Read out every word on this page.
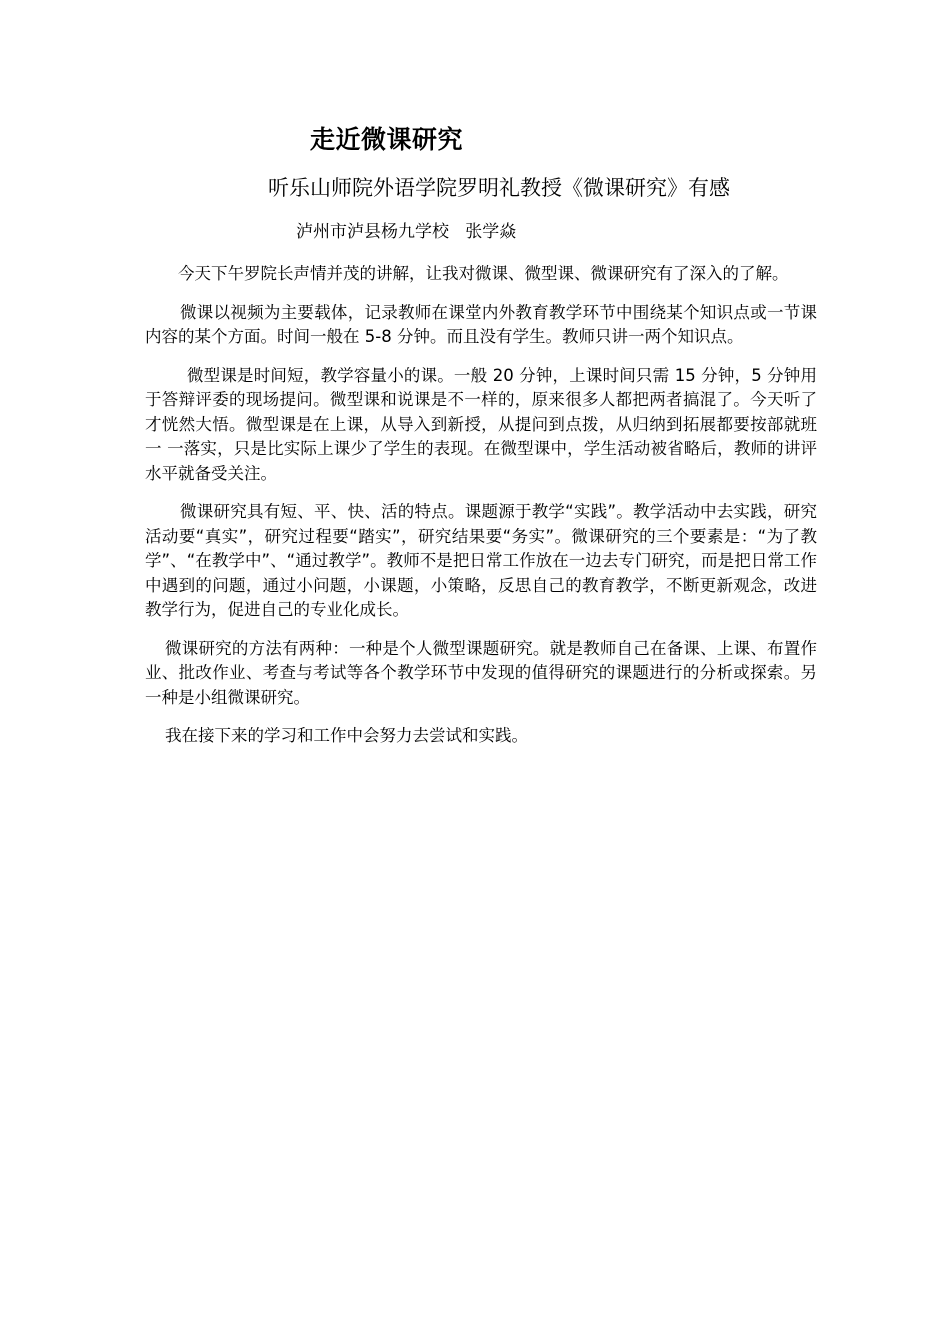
走近微课研究
听乐山师院外语学院罗明礼教授《微课研究》有感
泸州市泸县杨九学校   张学焱

今天下午罗院长声情并茂的讲解，让我对微课、微型课、微课研究有了深入的了解。

微课以视频为主要载体，记录教师在课堂内外教育教学环节中围绕某个知识点或一节课内容的某个方面。时间一般在 5-8 分钟。而且没有学生。教师只讲一两个知识点。

微型课是时间短，教学容量小的课。一般 20 分钟，上课时间只需 15 分钟，5 分钟用于答辩评委的现场提问。微型课和说课是不一样的，原来很多人都把两者搞混了。今天听了才恍然大悟。微型课是在上课，从导入到新授，从提问到点拨，从归纳到拓展都要按部就班一 一落实，只是比实际上课少了学生的表现。在微型课中，学生活动被省略后，教师的讲评水平就备受关注。

微课研究具有短、平、快、活的特点。课题源于教学“实践”。教学活动中去实践，研究活动要“真实”，研究过程要“踏实”，研究结果要“务实”。微课研究的三个要素是：“为了教学”、“在教学中”、“通过教学”。教师不是把日常工作放在一边去专门研究，而是把日常工作中遇到的问题，通过小问题，小课题，小策略，反思自己的教育教学，不断更新观念，改进教学行为，促进自己的专业化成长。

微课研究的方法有两种：一种是个人微型课题研究。就是教师自己在备课、上课、布置作业、批改作业、考查与考试等各个教学环节中发现的值得研究的课题进行的分析或探索。另一种是小组微课研究。

我在接下来的学习和工作中会努力去尝试和实践。
